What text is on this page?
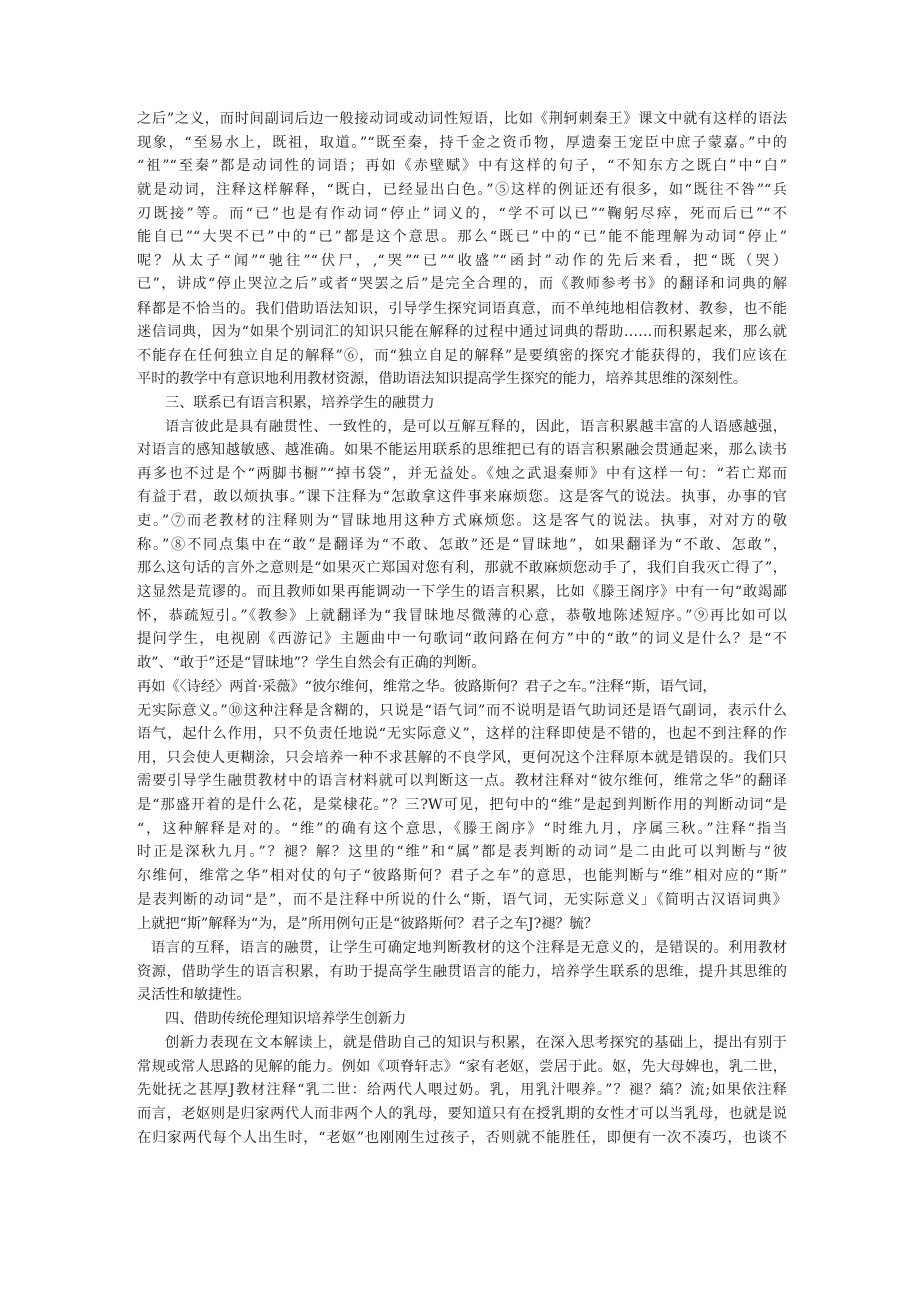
之后”之义，而时间副词后边一般接动词或动词性短语，比如《荆轲刺秦王》课文中就有这样的语法
现象，“至易水上，既祖，取道。”“既至秦，持千金之资币物，厚遗秦王宠臣中庶子蒙嘉。”中的
“祖”“至秦”都是动词性的词语；再如《赤壁赋》中有这样的句子，“不知东方之既白”中“白”
就是动词，注释这样解释，“既白，已经显出白色。”⑤这样的例证还有很多，如“既往不咎”“兵
刃既接”等。而“已”也是有作动词“停止”词义的，“学不可以已”“鞠躬尽瘁，死而后已”“不
能自已”“大哭不已”中的“已”都是这个意思。那么“既已”中的“已”能不能理解为动词“停止”
呢？从太子“闻”“驰往”“伏尸，,“哭”“已”“收盛”“函封”动作的先后来看，把“既（哭）
已”，讲成“停止哭泣之后”或者“哭罢之后”是完全合理的，而《教师参考书》的翻译和词典的解
释都是不恰当的。我们借助语法知识，引导学生探究词语真意，而不单纯地相信教材、教参，也不能
迷信词典，因为“如果个别词汇的知识只能在解释的过程中通过词典的帮助……而积累起来，那么就
不能存在任何独立自足的解释”⑥，而“独立自足的解释”是要缜密的探究才能获得的，我们应该在
平时的教学中有意识地利用教材资源，借助语法知识提高学生探究的能力，培养其思维的深刻性。
三、联系已有语言积累，培养学生的融贯力
语言彼此是具有融贯性、一致性的，是可以互解互释的，因此，语言积累越丰富的人语感越强，
对语言的感知越敏感、越准确。如果不能运用联系的思维把已有的语言积累融会贯通起来，那么读书
再多也不过是个“两脚书橱”“掉书袋”，并无益处。《烛之武退秦师》中有这样一句：“若亡郑而
有益于君，敢以烦执事。”课下注释为“怎敢拿这件事来麻烦您。这是客气的说法。执事，办事的官
吏。”⑦而老教材的注释则为“冒昧地用这种方式麻烦您。这是客气的说法。执事，对对方的敬
称。”⑧不同点集中在“敢”是翻译为“不敢、怎敢”还是“冒昧地”，如果翻译为“不敢、怎敢”，
那么这句话的言外之意则是“如果灭亡郑国对您有利，那就不敢麻烦您动手了，我们自我灭亡得了”，
这显然是荒谬的。而且教师如果再能调动一下学生的语言积累，比如《滕王阁序》中有一句“敢竭鄙
怀，恭疏短引。”《教参》上就翻译为“我冒昧地尽微薄的心意，恭敬地陈述短序。”⑨再比如可以
提问学生，电视剧《西游记》主题曲中一句歌词“敢问路在何方”中的“敢”的词义是什么？是“不
敢”、“敢于”还是“冒昧地”？学生自然会有正确的判断。
再如《〈诗经〉两首·采薇》“彼尔维何，维常之华。彼路斯何？君子之车。”注释“斯，语气词，
无实际意义。”⑩这种注释是含糊的，只说是“语气词”而不说明是语气助词还是语气副词，表示什么
语气，起什么作用，只不负责任地说“无实际意义”，这样的注释即使是不错的，也起不到注释的作
用，只会使人更糊涂，只会培养一种不求甚解的不良学风，更何况这个注释原本就是错误的。我们只
需要引导学生融贯教材中的语言材料就可以判断这一点。教材注释对“彼尔维何，维常之华”的翻译
是“那盛开着的是什么花，是棠棣花。”？三?W可见，把句中的“维”是起到判断作用的判断动词“是
“，这种解释是对的。“维”的确有这个意思，《滕王阁序》“时维九月，序属三秋。”注释“指当
时正是深秋九月。”？褪？解？这里的“维”和“属”都是表判断的动词”是二由此可以判断与“彼
尔维何，维常之华”相对仗的句子“彼路斯何？君子之车”的意思，也能判断与“维”相对应的“斯”
是表判断的动词“是”，而不是注释中所说的什么“斯，语气词，无实际意义」《简明古汉语词典》
上就把“斯”解释为“为，是”所用例句正是“彼路斯何？君子之车J?褪？毓？
语言的互释，语言的融贯，让学生可确定地判断教材的这个注释是无意义的，是错误的。利用教材
资源，借助学生的语言积累，有助于提高学生融贯语言的能力，培养学生联系的思维，提升其思维的
灵活性和敏捷性。
四、借助传统伦理知识培养学生创新力
创新力表现在文本解读上，就是借助自己的知识与积累，在深入思考探究的基础上，提出有别于
常规或常人思路的见解的能力。例如《项脊轩志》“家有老妪，尝居于此。妪，先大母婢也，乳二世，
先妣抚之甚厚J教材注释“乳二世：给两代人喂过奶。乳，用乳汁喂养。”？褪？縞？流;如果依注释
而言，老妪则是归家两代人而非两个人的乳母，要知道只有在授乳期的女性才可以当乳母，也就是说
在归家两代每个人出生时，“老妪”也刚刚生过孩子，否则就不能胜任，即便有一次不凑巧，也谈不
